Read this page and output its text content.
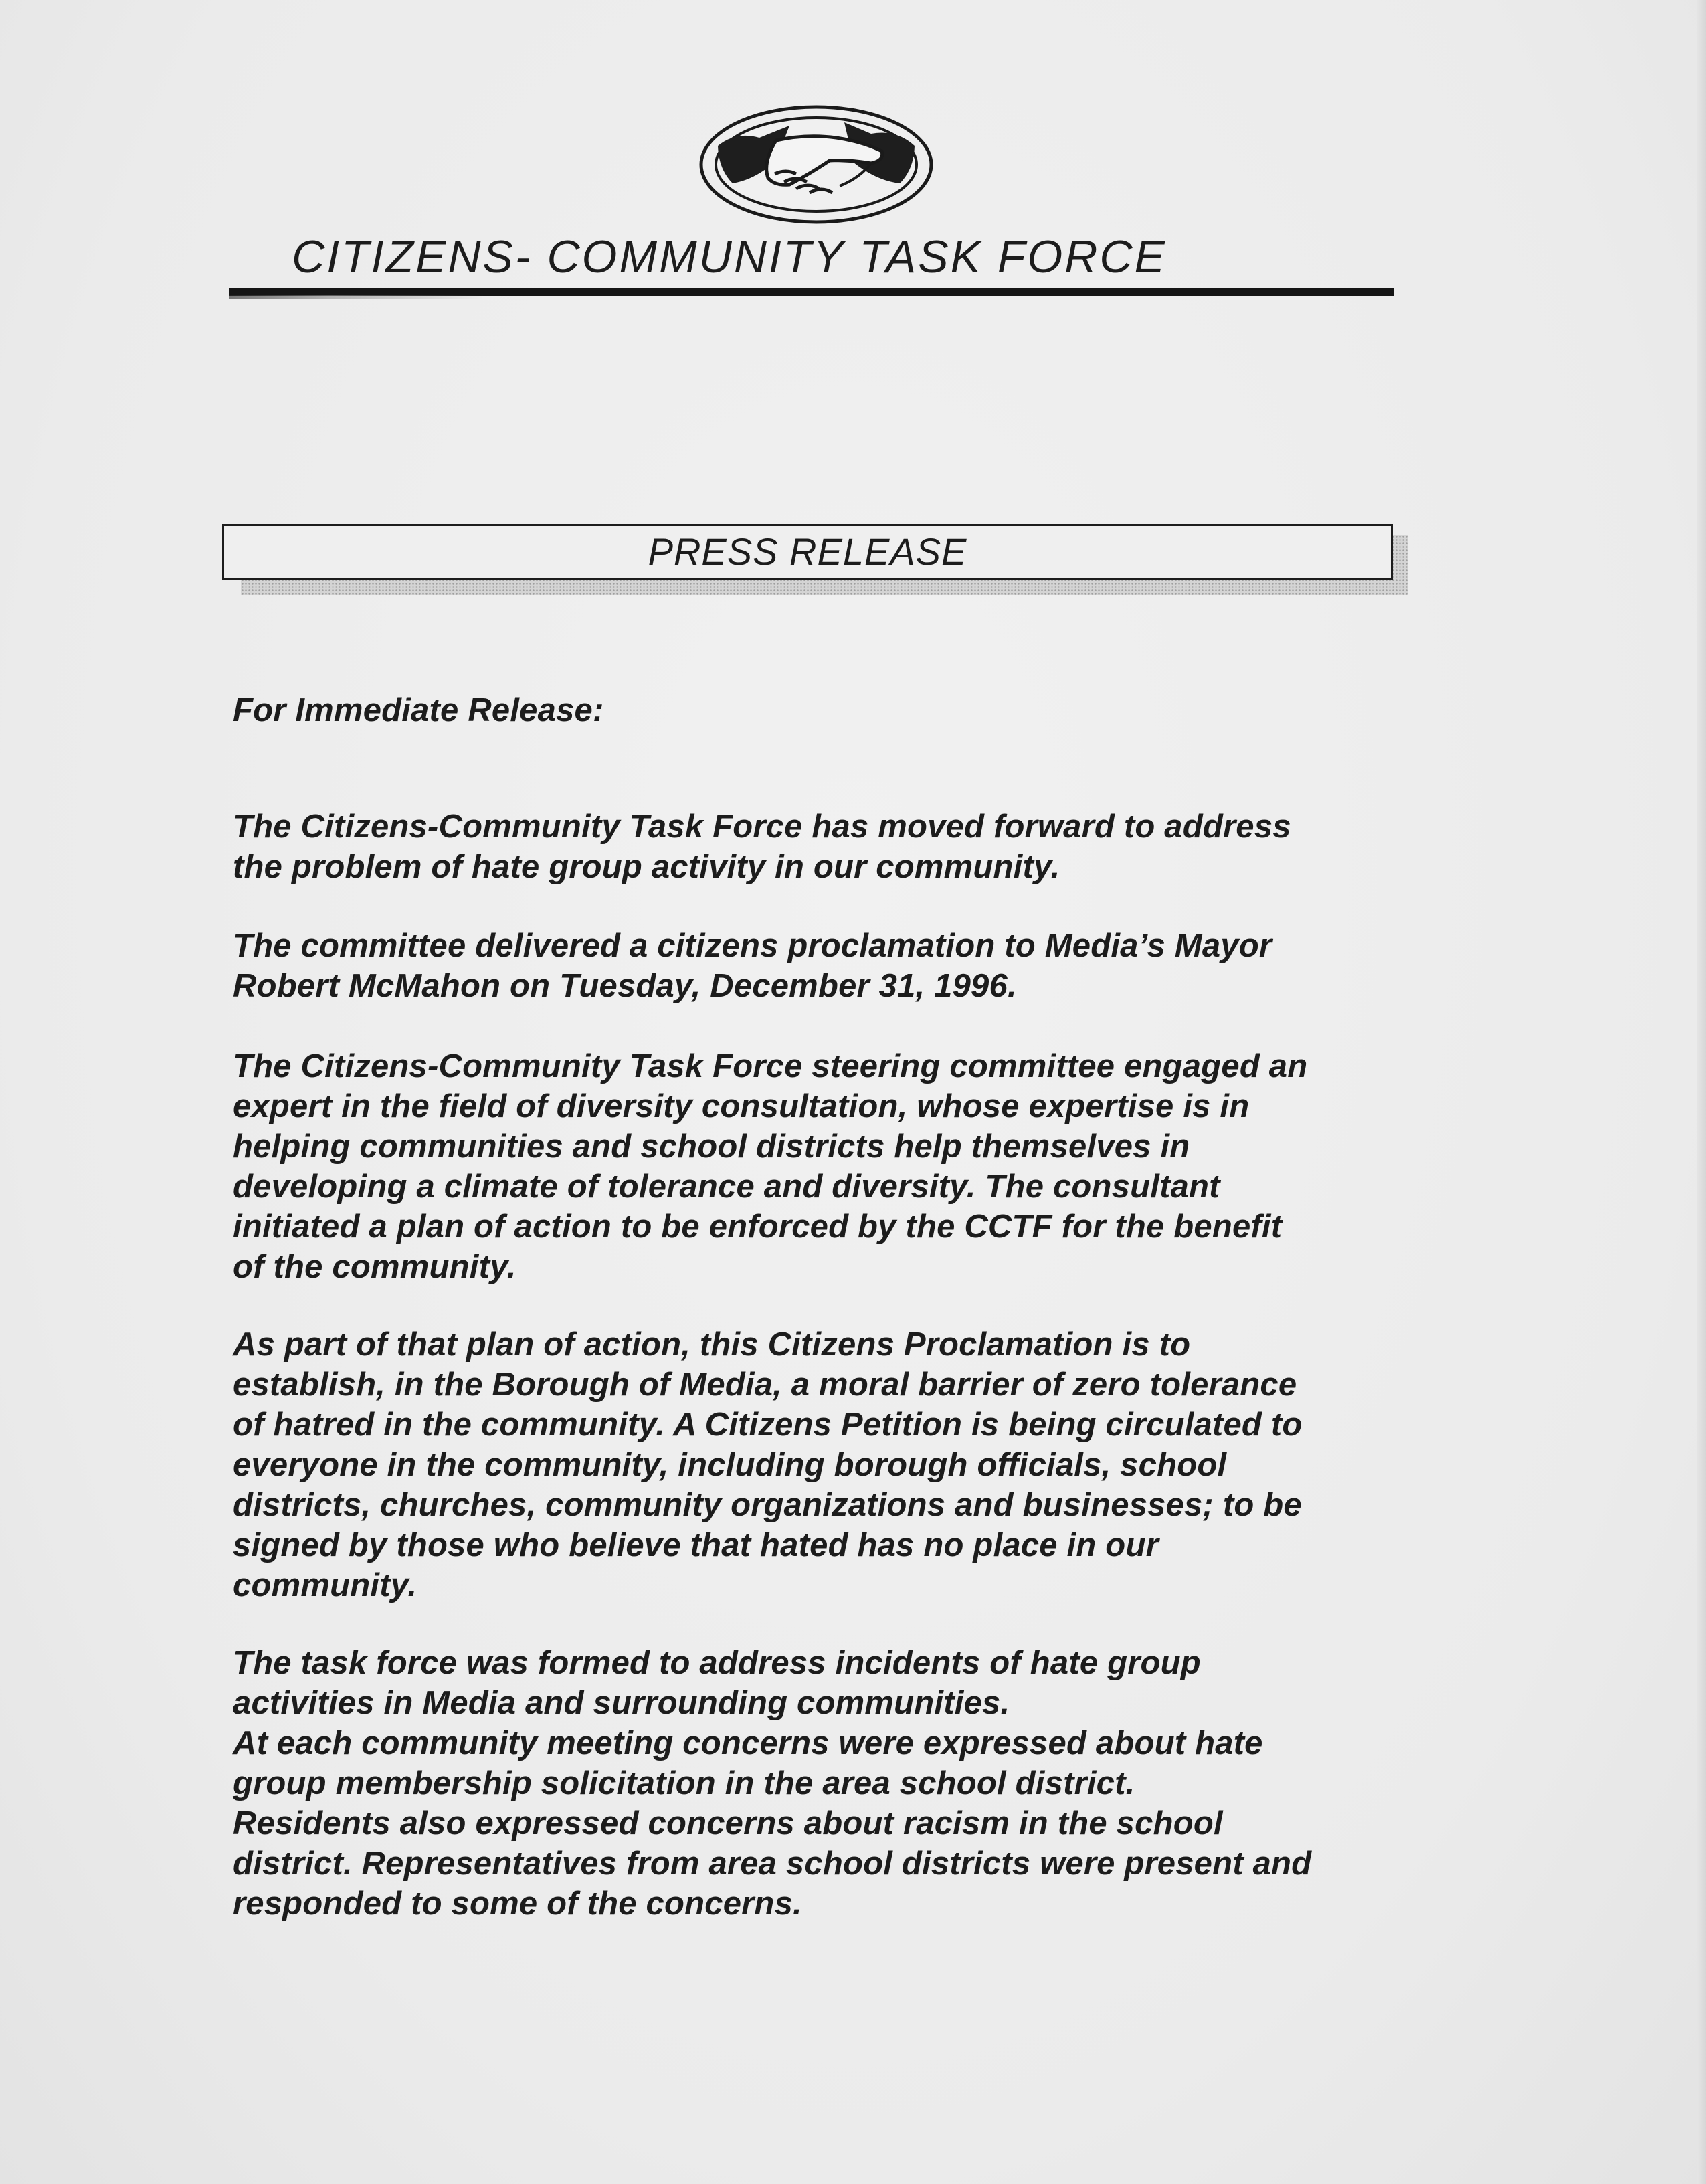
CITIZENS- COMMUNITY TASK FORCE
PRESS RELEASE
For Immediate Release:
The Citizens-Community Task Force has moved forward to address
the problem of hate group activity in our community.
The committee delivered a citizens proclamation to Media’s Mayor
Robert McMahon on Tuesday, December 31, 1996.
The Citizens-Community Task Force steering committee engaged an
expert in the field of diversity consultation, whose expertise is in
helping communities and school districts help themselves in
developing a climate of tolerance and diversity. The consultant
initiated a plan of action to be enforced by the CCTF for the benefit
of the community.
As part of that plan of action, this Citizens Proclamation is to
establish, in the Borough of Media, a moral barrier of zero tolerance
of hatred in the community. A Citizens Petition is being circulated to
everyone in the community, including borough officials, school
districts, churches, community organizations and businesses; to be
signed by those who believe that hated has no place in our
community.
The task force was formed to address incidents of hate group
activities in Media and surrounding communities.
At each community meeting concerns were expressed about hate
group membership solicitation in the area school district.
Residents also expressed concerns about racism in the school
district. Representatives from area school districts were present and
responded to some of the concerns.
